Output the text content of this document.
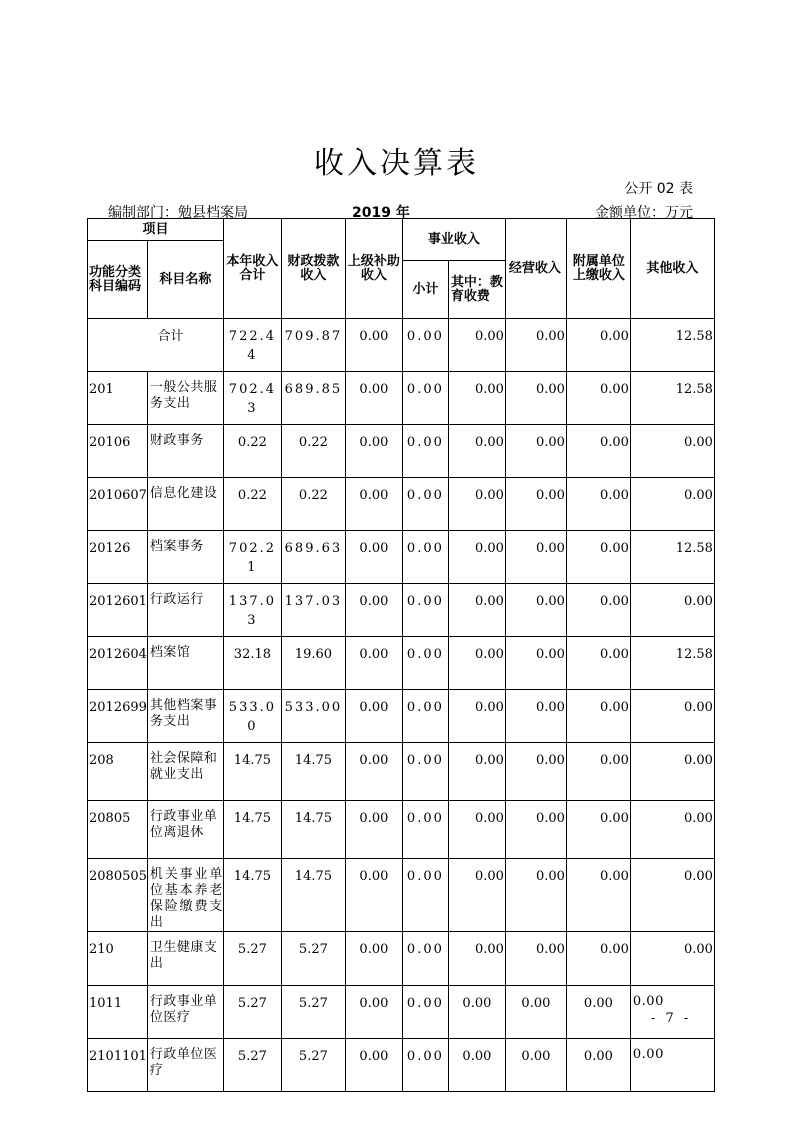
收入决算表
公开 02 表
编制部门：勉县档案局	2019 年	金额单位：万元
项目		本年收入合计	财政拨款收入	上级补助收入	事业收入		经营收入	附属单位上缴收入	其他收入
功能分类科目编码	科目名称								
					小计	其中：教育收费			
合计		722.44	709.87	0.00	0.00	0.00	0.00	0.00	12.58
201	一般公共服务支出	702.43	689.85	0.00	0.00	0.00	0.00	0.00	12.58
20106	财政事务	0.22	0.22	0.00	0.00	0.00	0.00	0.00	0.00
2010607	信息化建设	0.22	0.22	0.00	0.00	0.00	0.00	0.00	0.00
20126	档案事务	702.21	689.63	0.00	0.00	0.00	0.00	0.00	12.58
2012601	行政运行	137.03	137.03	0.00	0.00	0.00	0.00	0.00	0.00
2012604	档案馆	32.18	19.60	0.00	0.00	0.00	0.00	0.00	12.58
2012699	其他档案事务支出	533.00	533.00	0.00	0.00	0.00	0.00	0.00	0.00
208	社会保障和就业支出	14.75	14.75	0.00	0.00	0.00	0.00	0.00	0.00
20805	行政事业单位离退休	14.75	14.75	0.00	0.00	0.00	0.00	0.00	0.00
2080505	机关事业单位基本养老保险缴费支出	14.75	14.75	0.00	0.00	0.00	0.00	0.00	0.00
210	卫生健康支出	5.27	5.27	0.00	0.00	0.00	0.00	0.00	0.00
1011	行政事业单位医疗	5.27	5.27	0.00	0.00	0.00	0.00	0.00	0.00
2101101	行政单位医疗	5.27	5.27	0.00	0.00	0.00	0.00	0.00	0.00
- 7 -
